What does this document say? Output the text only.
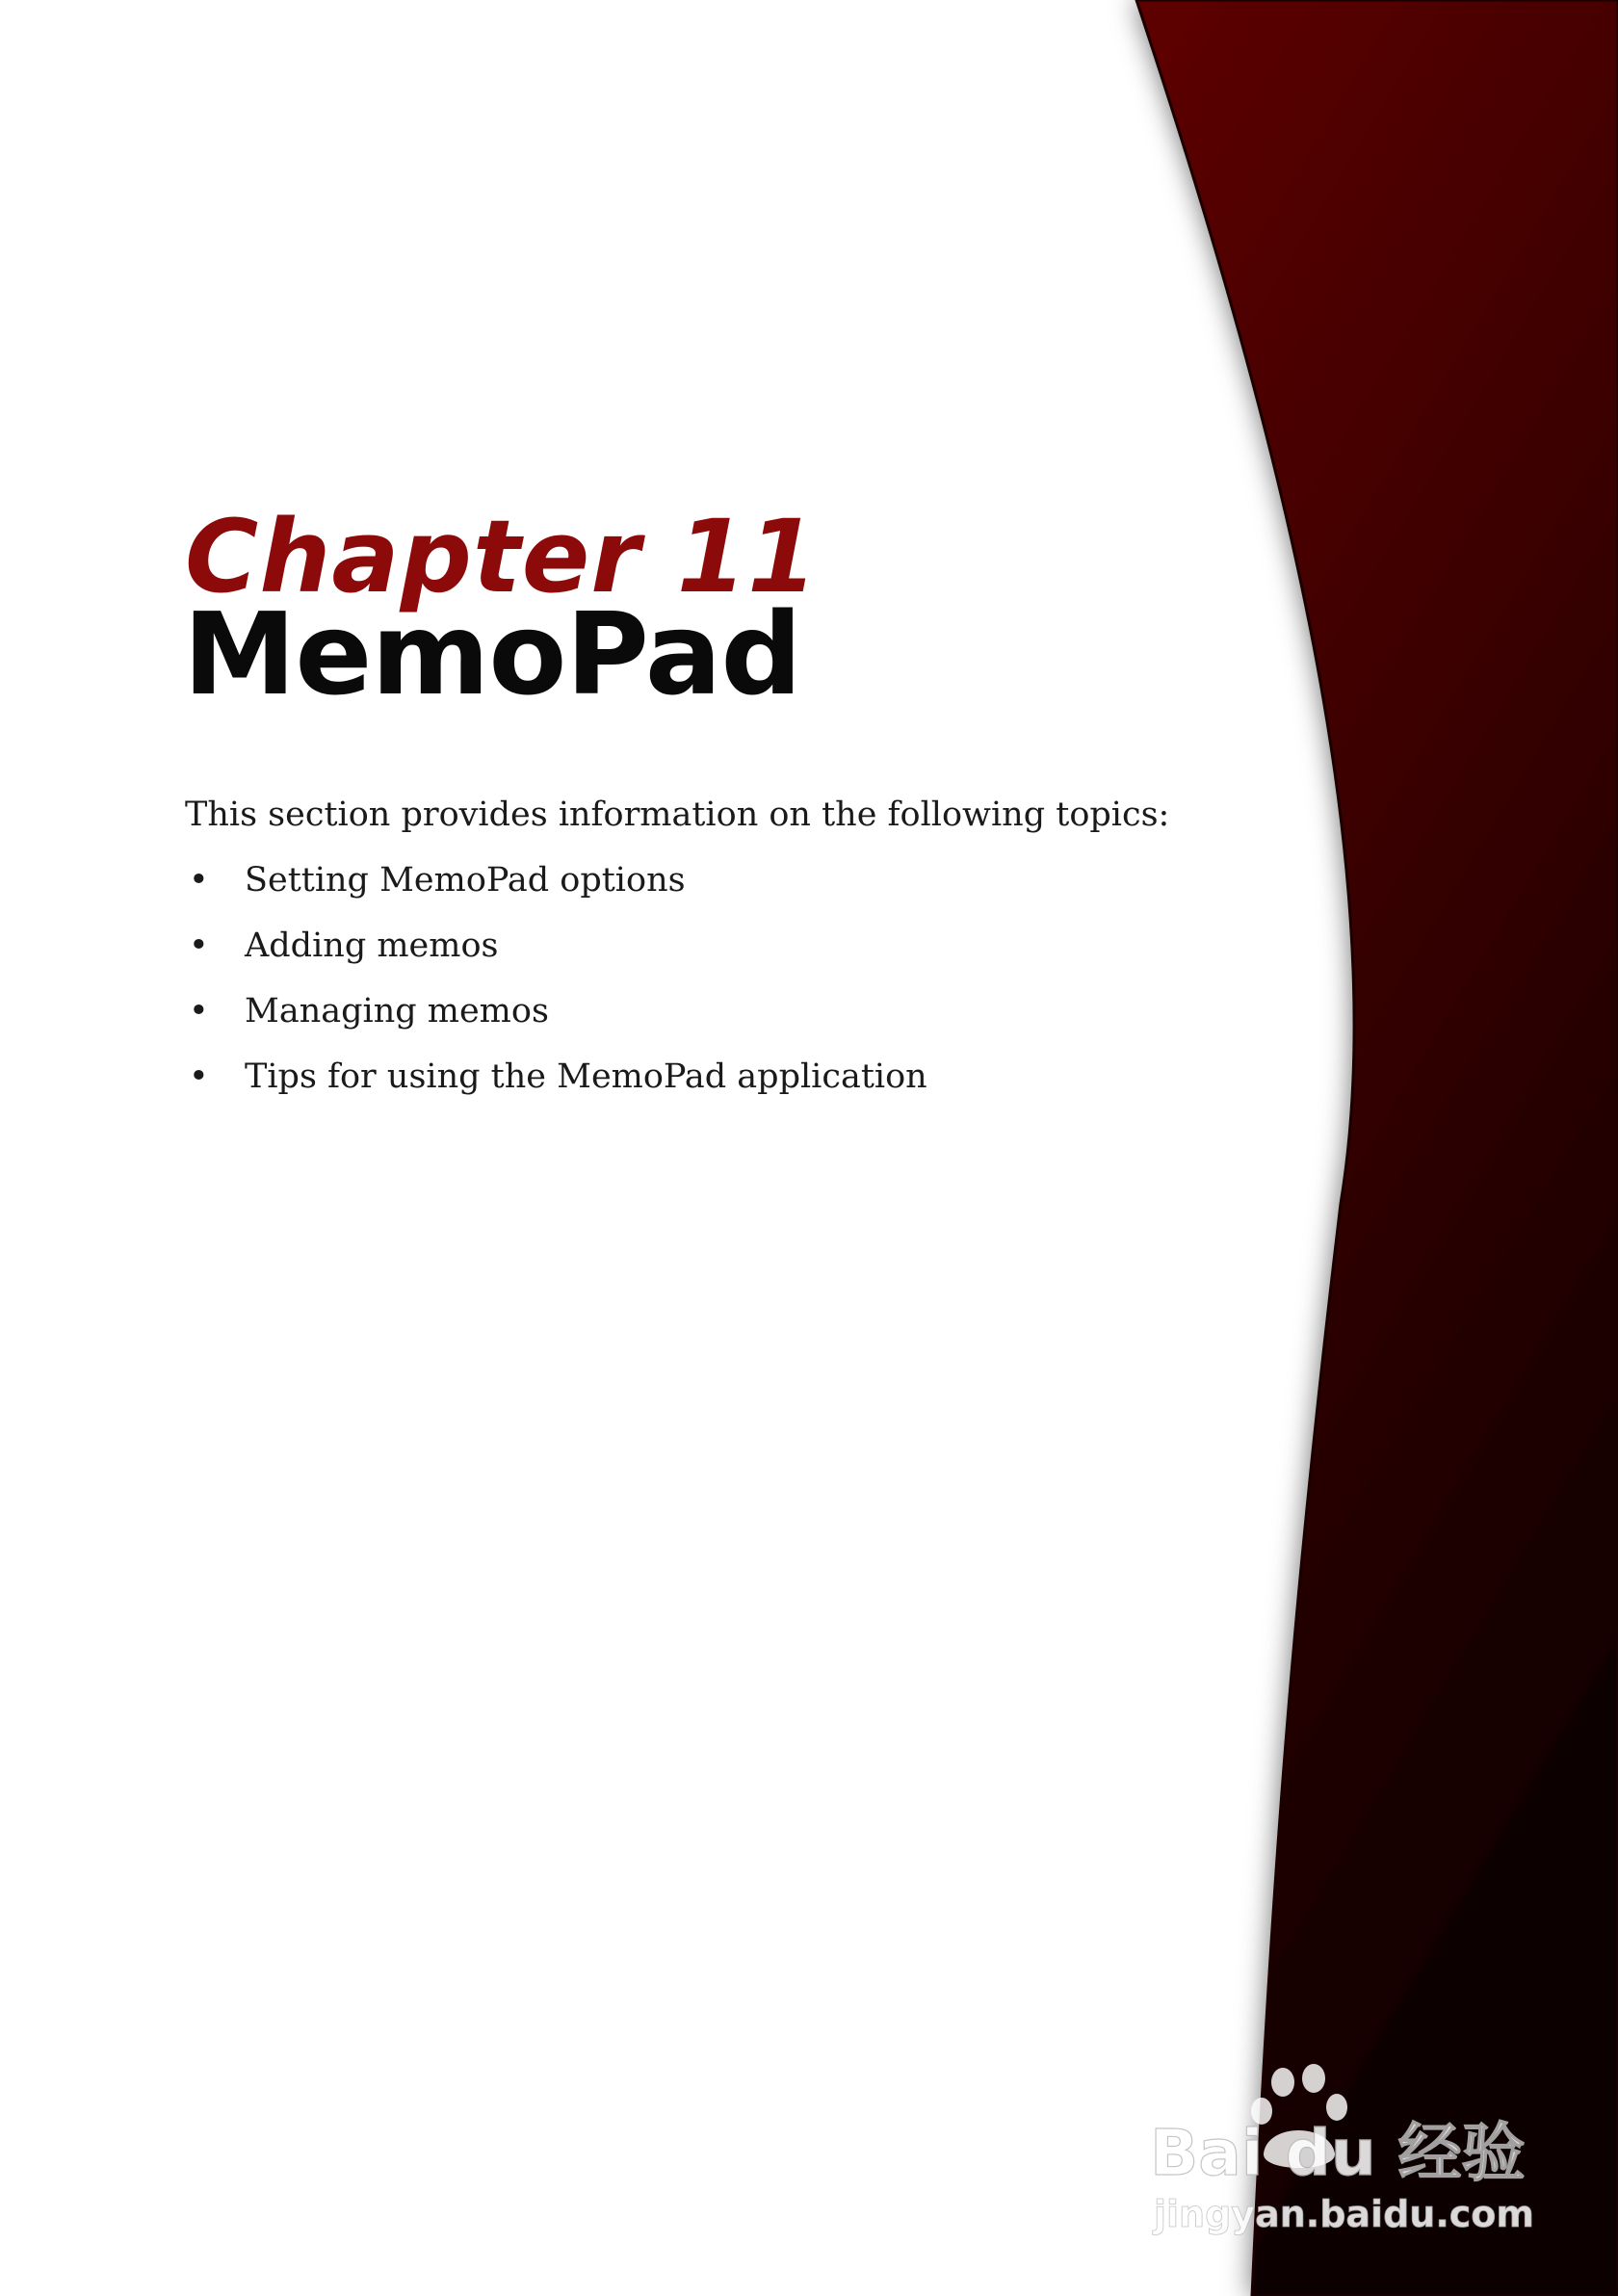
Chapter 11
MemoPad

This section provides information on the following topics:

• Setting MemoPad options
• Adding memos
• Managing memos
• Tips for using the MemoPad application
Bai du 经验
jingyan.baidu.com
